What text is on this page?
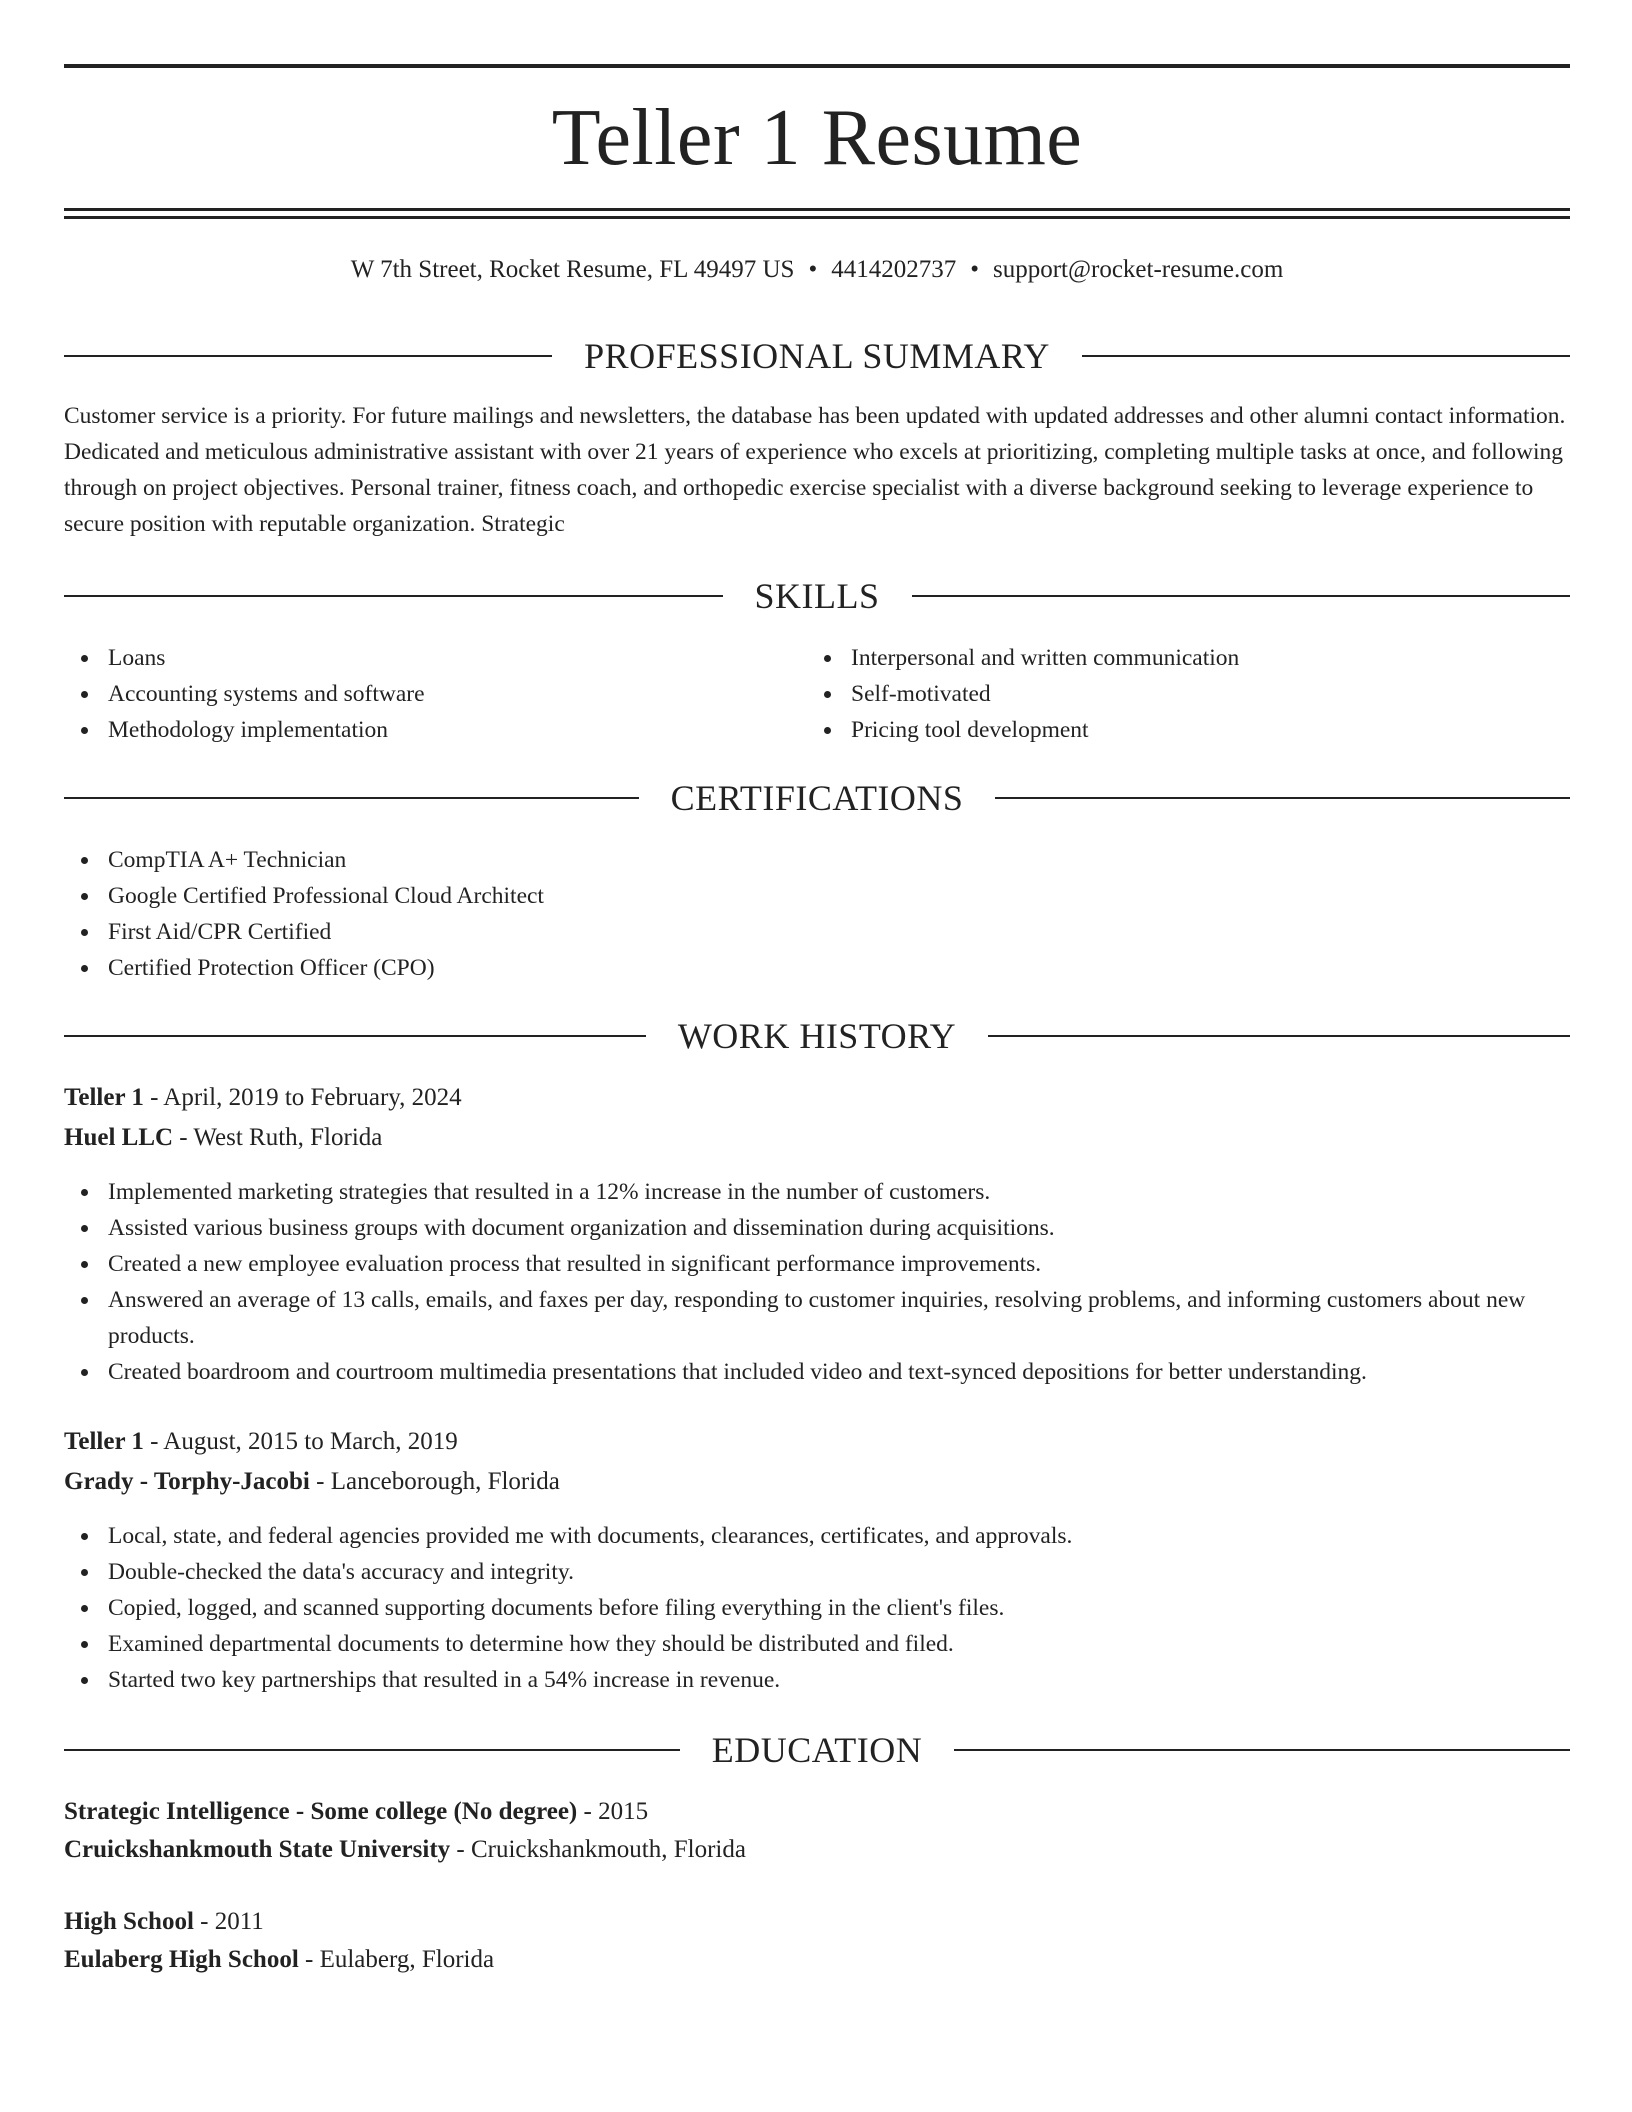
Teller 1 Resume
W 7th Street, Rocket Resume, FL 49497 US • 4414202737 • support@rocket-resume.com
PROFESSIONAL SUMMARY

Customer service is a priority. For future mailings and newsletters, the database has been updated with updated addresses and other alumni contact information. Dedicated and meticulous administrative assistant with over 21 years of experience who excels at prioritizing, completing multiple tasks at once, and following through on project objectives. Personal trainer, fitness coach, and orthopedic exercise specialist with a diverse background seeking to leverage experience to secure position with reputable organization. Strategic

SKILLS
Loans
Accounting systems and software
Methodology implementation
Interpersonal and written communication
Self-motivated
Pricing tool development
CERTIFICATIONS
CompTIA A+ Technician
Google Certified Professional Cloud Architect
First Aid/CPR Certified
Certified Protection Officer (CPO)
WORK HISTORY
Teller 1 - April, 2019 to February, 2024
Huel LLC - West Ruth, Florida
Implemented marketing strategies that resulted in a 12% increase in the number of customers.
Assisted various business groups with document organization and dissemination during acquisitions.
Created a new employee evaluation process that resulted in significant performance improvements.
Answered an average of 13 calls, emails, and faxes per day, responding to customer inquiries, resolving problems, and informing customers about new products.
Created boardroom and courtroom multimedia presentations that included video and text-synced depositions for better understanding.
Teller 1 - August, 2015 to March, 2019
Grady - Torphy-Jacobi - Lanceborough, Florida
Local, state, and federal agencies provided me with documents, clearances, certificates, and approvals.
Double-checked the data's accuracy and integrity.
Copied, logged, and scanned supporting documents before filing everything in the client's files.
Examined departmental documents to determine how they should be distributed and filed.
Started two key partnerships that resulted in a 54% increase in revenue.
EDUCATION
Strategic Intelligence - Some college (No degree) - 2015
Cruickshankmouth State University - Cruickshankmouth, Florida
High School - 2011
Eulaberg High School - Eulaberg, Florida
